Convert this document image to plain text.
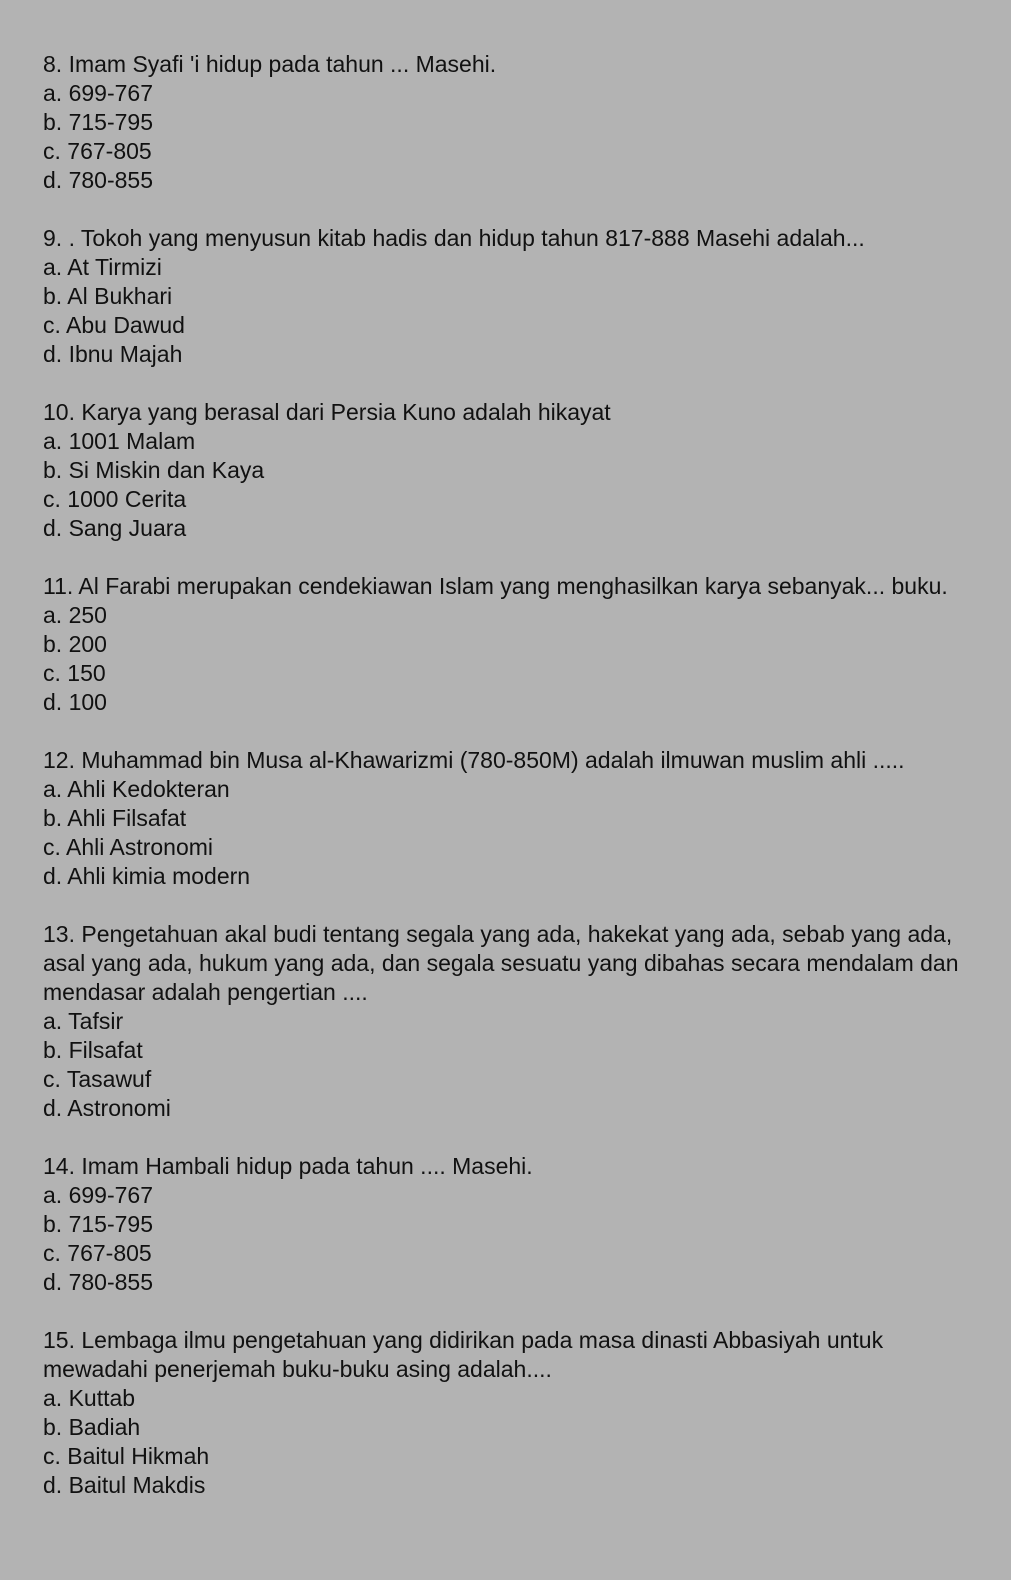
8. Imam Syafi 'i hidup pada tahun ... Masehi.

a. 699-767
b. 715-795
c. 767-805
d. 780-855

9. . Tokoh yang menyusun kitab hadis dan hidup tahun 817-888 Masehi adalah...

a. At Tirmizi
b. Al Bukhari
c. Abu Dawud
d. Ibnu Majah

10. Karya yang berasal dari Persia Kuno adalah hikayat

a. 1001 Malam
b. Si Miskin dan Kaya
c. 1000 Cerita
d. Sang Juara

11. Al Farabi merupakan cendekiawan Islam yang menghasilkan karya sebanyak... buku.

a. 250
b. 200
c. 150
d. 100

12. Muhammad bin Musa al-Khawarizmi (780-850M) adalah ilmuwan muslim ahli .....

a. Ahli Kedokteran
b. Ahli Filsafat
c. Ahli Astronomi
d. Ahli kimia modern

13. Pengetahuan akal budi tentang segala yang ada, hakekat yang ada, sebab yang ada, asal yang ada, hukum yang ada, dan segala sesuatu yang dibahas secara mendalam dan mendasar adalah pengertian ....

a. Tafsir
b. Filsafat
c. Tasawuf
d. Astronomi

14. Imam Hambali hidup pada tahun .... Masehi.

a. 699-767
b. 715-795
c. 767-805
d. 780-855

15. Lembaga ilmu pengetahuan yang didirikan pada masa dinasti Abbasiyah untuk mewadahi penerjemah buku-buku asing adalah....

a. Kuttab
b. Badiah
c. Baitul Hikmah
d. Baitul Makdis
